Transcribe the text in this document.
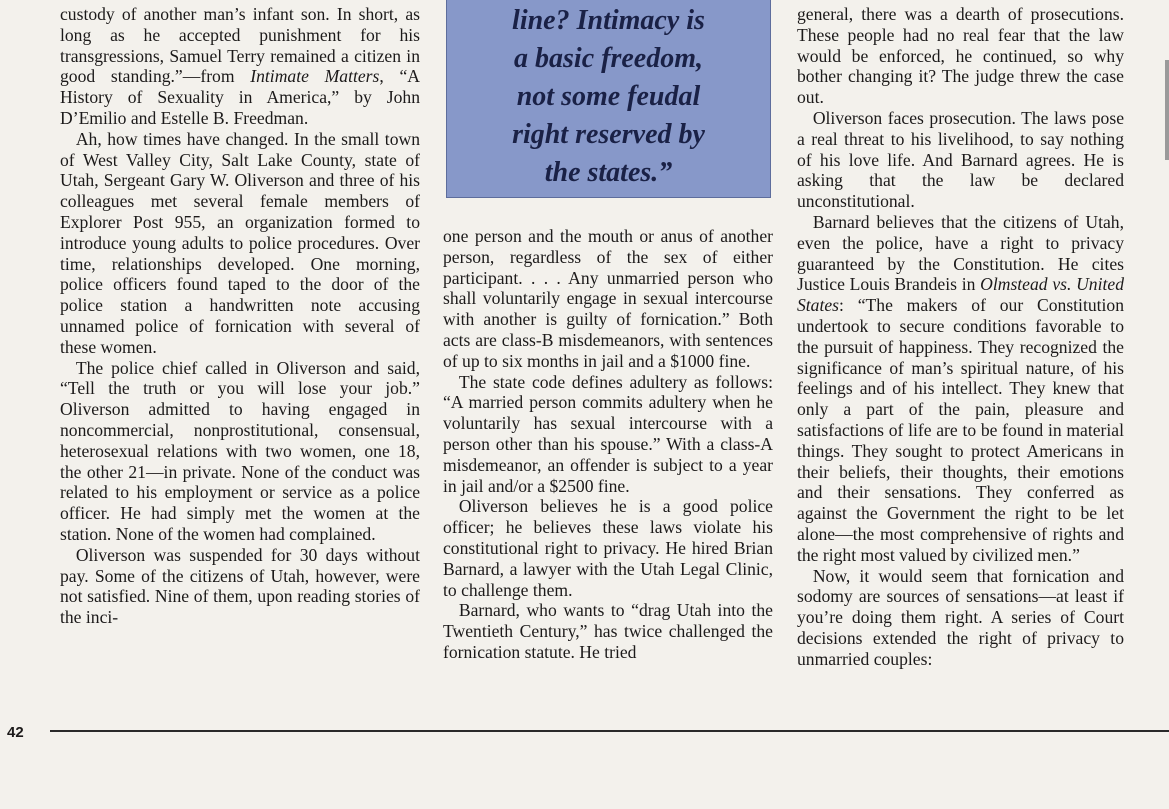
custody of another man’s infant son. In short, as long as he accepted punishment for his transgressions, Samuel Terry remained a citizen in good standing.”—from Intimate Matters, “A History of Sexuality in America,” by John D’Emilio and Estelle B. Freedman.

Ah, how times have changed. In the small town of West Valley City, Salt Lake County, state of Utah, Sergeant Gary W. Oliverson and three of his colleagues met several female members of Explorer Post 955, an organization formed to introduce young adults to police procedures. Over time, relationships developed. One morning, police officers found taped to the door of the police station a handwritten note accusing unnamed police of fornication with several of these women.

The police chief called in Oliverson and said, “Tell the truth or you will lose your job.” Oliverson admitted to having engaged in noncommercial, nonprostitutional, consensual, heterosexual relations with two women, one 18, the other 21—in private. None of the conduct was related to his employment or service as a police officer. He had simply met the women at the station. None of the women had complained.

Oliverson was suspended for 30 days without pay. Some of the citizens of Utah, however, were not satisfied. Nine of them, upon reading stories of the inci-

line? Intimacy is
a basic freedom,
not some feudal
right reserved by
the states.”

one person and the mouth or anus of another person, regardless of the sex of either participant. . . . Any unmarried person who shall voluntarily engage in sexual intercourse with another is guilty of fornication.” Both acts are class-B misdemeanors, with sentences of up to six months in jail and a $1000 fine.

The state code defines adultery as follows: “A married person commits adultery when he voluntarily has sexual intercourse with a person other than his spouse.” With a class-A misdemeanor, an offender is subject to a year in jail and/or a $2500 fine.

Oliverson believes he is a good police officer; he believes these laws violate his constitutional right to privacy. He hired Brian Barnard, a lawyer with the Utah Legal Clinic, to challenge them.

Barnard, who wants to “drag Utah into the Twentieth Century,” has twice challenged the fornication statute. He tried

general, there was a dearth of prosecutions. These people had no real fear that the law would be enforced, he continued, so why bother changing it? The judge threw the case out.

Oliverson faces prosecution. The laws pose a real threat to his livelihood, to say nothing of his love life. And Barnard agrees. He is asking that the law be declared unconstitutional.

Barnard believes that the citizens of Utah, even the police, have a right to privacy guaranteed by the Constitution. He cites Justice Louis Brandeis in Olmstead vs. United States: “The makers of our Constitution undertook to secure conditions favorable to the pursuit of happiness. They recognized the significance of man’s spiritual nature, of his feelings and of his intellect. They knew that only a part of the pain, pleasure and satisfactions of life are to be found in material things. They sought to protect Americans in their beliefs, their thoughts, their emotions and their sensations. They conferred as against the Government the right to be let alone—the most comprehensive of rights and the right most valued by civilized men.”

Now, it would seem that fornication and sodomy are sources of sensations—at least if you’re doing them right. A series of Court decisions extended the right of privacy to unmarried couples:

42
